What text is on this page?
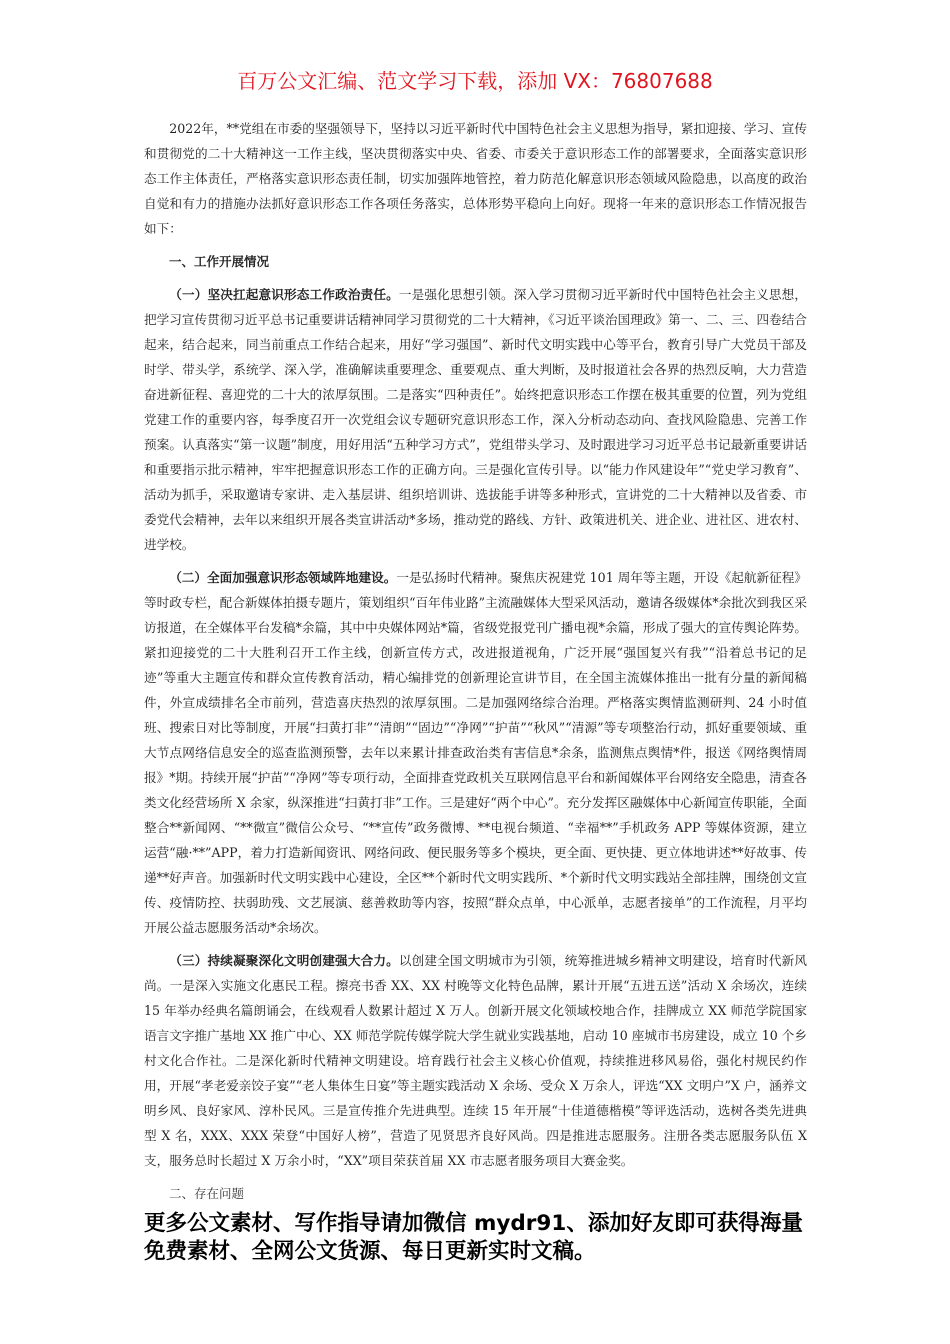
百万公文汇编、范文学习下载，添加 VX：76807688

2022年，**党组在市委的坚强领导下，坚持以习近平新时代中国特色社会主义思想为指导，紧扣迎接、学习、宣传和贯彻党的二十大精神这一工作主线，坚决贯彻落实中央、省委、市委关于意识形态工作的部署要求，全面落实意识形态工作主体责任，严格落实意识形态责任制，切实加强阵地管控，着力防范化解意识形态领域风险隐患，以高度的政治自觉和有力的措施办法抓好意识形态工作各项任务落实，总体形势平稳向上向好。现将一年来的意识形态工作情况报告如下：

一、工作开展情况

（一）坚决扛起意识形态工作政治责任。一是强化思想引领。深入学习贯彻习近平新时代中国特色社会主义思想，把学习宣传贯彻习近平总书记重要讲话精神同学习贯彻党的二十大精神，《习近平谈治国理政》第一、二、三、四卷结合起来，结合起来，同当前重点工作结合起来，用好“学习强国”、新时代文明实践中心等平台，教育引导广大党员干部及时学、带头学，系统学、深入学，准确解读重要理念、重要观点、重大判断，及时报道社会各界的热烈反响，大力营造奋进新征程、喜迎党的二十大的浓厚氛围。二是落实“四种责任”。始终把意识形态工作摆在极其重要的位置，列为党组党建工作的重要内容，每季度召开一次党组会议专题研究意识形态工作，深入分析动态动向、查找风险隐患、完善工作预案。认真落实“第一议题”制度，用好用活“五种学习方式”，党组带头学习、及时跟进学习习近平总书记最新重要讲话和重要指示批示精神，牢牢把握意识形态工作的正确方向。三是强化宣传引导。以“能力作风建设年”“党史学习教育”、活动为抓手，采取邀请专家讲、走入基层讲、组织培训讲、选拔能手讲等多种形式，宣讲党的二十大精神以及省委、市委党代会精神，去年以来组织开展各类宣讲活动*多场，推动党的路线、方针、政策进机关、进企业、进社区、进农村、进学校。

（二）全面加强意识形态领域阵地建设。一是弘扬时代精神。聚焦庆祝建党 101 周年等主题，开设《起航新征程》等时政专栏，配合新媒体拍摄专题片，策划组织“百年伟业路”主流融媒体大型采风活动，邀请各级媒体*余批次到我区采访报道，在全媒体平台发稿*余篇，其中中央媒体网站*篇，省级党报党刊广播电视*余篇，形成了强大的宣传舆论阵势。紧扣迎接党的二十大胜利召开工作主线，创新宣传方式，改进报道视角，广泛开展“强国复兴有我”“沿着总书记的足迹”等重大主题宣传和群众宣传教育活动，精心编排党的创新理论宣讲节目，在全国主流媒体推出一批有分量的新闻稿件，外宣成绩排名全市前列，营造喜庆热烈的浓厚氛围。二是加强网络综合治理。严格落实舆情监测研判、24 小时值班、搜索日对比等制度，开展“扫黄打非”“清朗”“固边”“净网”“护苗”“秋风”“清源”等专项整治行动，抓好重要领域、重大节点网络信息安全的巡查监测预警，去年以来累计排查政治类有害信息*余条，监测焦点舆情*件，报送《网络舆情周报》*期。持续开展“护苗”“净网”等专项行动，全面排查党政机关互联网信息平台和新闻媒体平台网络安全隐患，清查各类文化经营场所 X 余家，纵深推进“扫黄打非”工作。三是建好“两个中心”。充分发挥区融媒体中心新闻宣传职能，全面整合**新闻网、“**微宣”微信公众号、“**宣传”政务微博、**电视台频道、“幸福**”手机政务 APP 等媒体资源，建立运营“融·**”APP，着力打造新闻资讯、网络问政、便民服务等多个模块，更全面、更快捷、更立体地讲述**好故事、传递**好声音。加强新时代文明实践中心建设，全区**个新时代文明实践所、*个新时代文明实践站全部挂牌，围绕创文宣传、疫情防控、扶弱助残、文艺展演、慈善救助等内容，按照“群众点单，中心派单，志愿者接单”的工作流程，月平均开展公益志愿服务活动*余场次。

（三）持续凝聚深化文明创建强大合力。以创建全国文明城市为引领，统筹推进城乡精神文明建设，培育时代新风尚。一是深入实施文化惠民工程。擦亮书香 XX、XX 村晚等文化特色品牌，累计开展“五进五送”活动 X 余场次，连续 15 年举办经典名篇朗诵会，在线观看人数累计超过 X 万人。创新开展文化领域校地合作，挂牌成立 XX 师范学院国家语言文字推广基地 XX 推广中心、XX 师范学院传媒学院大学生就业实践基地，启动 10 座城市书房建设，成立 10 个乡村文化合作社。二是深化新时代精神文明建设。培育践行社会主义核心价值观，持续推进移风易俗，强化村规民约作用，开展“孝老爱亲饺子宴”“老人集体生日宴”等主题实践活动 X 余场、受众 X 万余人，评选“XX 文明户”X 户，涵养文明乡风、良好家风、淳朴民风。三是宣传推介先进典型。连续 15 年开展“十佳道德楷模”等评选活动，选树各类先进典型 X 名，XXX、XXX 荣登“中国好人榜”，营造了见贤思齐良好风尚。四是推进志愿服务。注册各类志愿服务队伍 X 支，服务总时长超过 X 万余小时，“XX”项目荣获首届 XX 市志愿者服务项目大赛金奖。

二、存在问题

更多公文素材、写作指导请加微信 mydr91、添加好友即可获得海量免费素材、全网公文货源、每日更新实时文稿。
